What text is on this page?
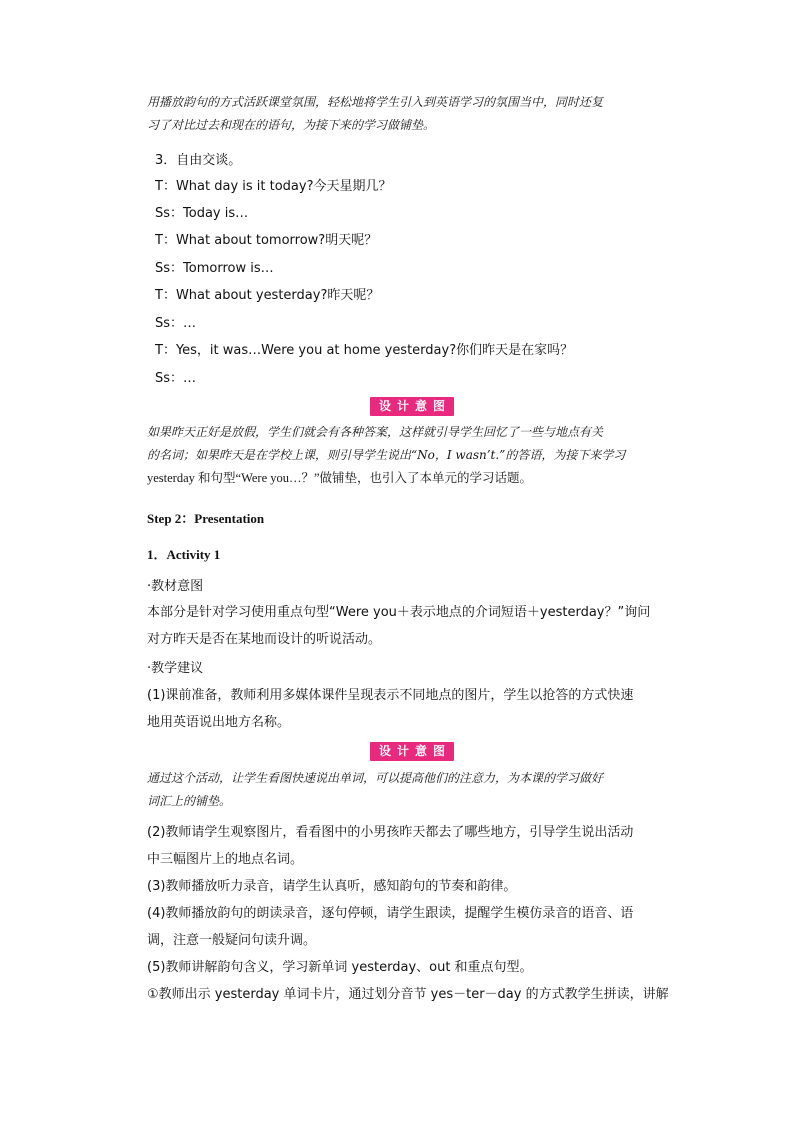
用播放韵句的方式活跃课堂氛围，轻松地将学生引入到英语学习的氛围当中，同时还复
习了对比过去和现在的语句，为接下来的学习做铺垫。
3．自由交谈。
T：What day is it today?今天星期几？
Ss：Today is…
T：What about tomorrow?明天呢？
Ss：Tomorrow is…
T：What about yesterday?昨天呢？
Ss：…
T：Yes，it was…Were you at home yesterday?你们昨天是在家吗？
Ss：…
设计意图
如果昨天正好是放假，学生们就会有各种答案，这样就引导学生回忆了一些与地点有关
的名词；如果昨天是在学校上课，则引导学生说出“No，I wasn’t.”的答语，为接下来学习
yesterday 和句型“Were you…？”做铺垫，也引入了本单元的学习话题。
Step 2：Presentation
1．Activity 1
·教材意图
本部分是针对学习使用重点句型“Were you＋表示地点的介词短语＋yesterday？”询问
对方昨天是否在某地而设计的听说活动。
·教学建议
(1)课前准备，教师利用多媒体课件呈现表示不同地点的图片，学生以抢答的方式快速
地用英语说出地方名称。
设计意图
通过这个活动，让学生看图快速说出单词，可以提高他们的注意力，为本课的学习做好
词汇上的铺垫。
(2)教师请学生观察图片，看看图中的小男孩昨天都去了哪些地方，引导学生说出活动
中三幅图片上的地点名词。
(3)教师播放听力录音，请学生认真听，感知韵句的节奏和韵律。
(4)教师播放韵句的朗读录音，逐句停顿，请学生跟读，提醒学生模仿录音的语音、语
调，注意一般疑问句读升调。
(5)教师讲解韵句含义，学习新单词 yesterday、out 和重点句型。
①教师出示 yesterday 单词卡片，通过划分音节 yes－ter－day 的方式教学生拼读，讲解
